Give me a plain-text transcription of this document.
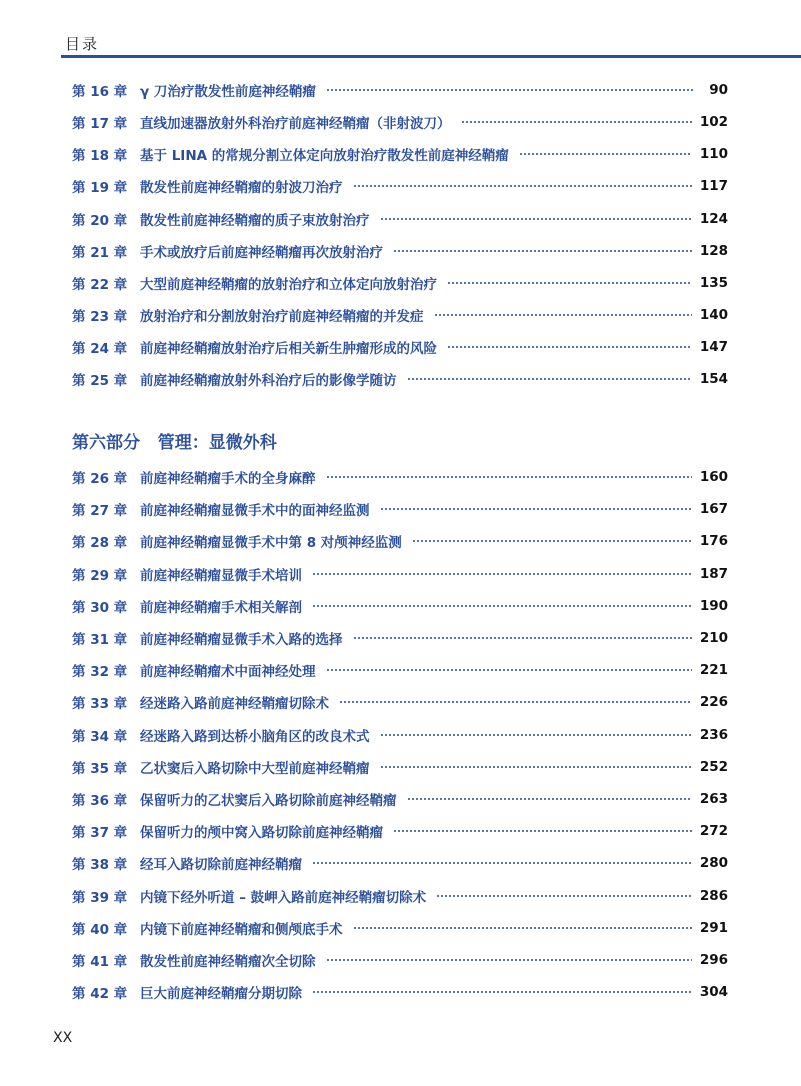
目录
第 16 章 γ 刀治疗散发性前庭神经鞘瘤	90
第 17 章 直线加速器放射外科治疗前庭神经鞘瘤（非射波刀）	102
第 18 章 基于 LINA 的常规分割立体定向放射治疗散发性前庭神经鞘瘤	110
第 19 章 散发性前庭神经鞘瘤的射波刀治疗	117
第 20 章 散发性前庭神经鞘瘤的质子束放射治疗	124
第 21 章 手术或放疗后前庭神经鞘瘤再次放射治疗	128
第 22 章 大型前庭神经鞘瘤的放射治疗和立体定向放射治疗	135
第 23 章 放射治疗和分割放射治疗前庭神经鞘瘤的并发症	140
第 24 章 前庭神经鞘瘤放射治疗后相关新生肿瘤形成的风险	147
第 25 章 前庭神经鞘瘤放射外科治疗后的影像学随访	154
第六部分   管理：显微外科
第 26 章 前庭神经鞘瘤手术的全身麻醉	160
第 27 章 前庭神经鞘瘤显微手术中的面神经监测	167
第 28 章 前庭神经鞘瘤显微手术中第 8 对颅神经监测	176
第 29 章 前庭神经鞘瘤显微手术培训	187
第 30 章 前庭神经鞘瘤手术相关解剖	190
第 31 章 前庭神经鞘瘤显微手术入路的选择	210
第 32 章 前庭神经鞘瘤术中面神经处理	221
第 33 章 经迷路入路前庭神经鞘瘤切除术	226
第 34 章 经迷路入路到达桥小脑角区的改良术式	236
第 35 章 乙状窦后入路切除中大型前庭神经鞘瘤	252
第 36 章 保留听力的乙状窦后入路切除前庭神经鞘瘤	263
第 37 章 保留听力的颅中窝入路切除前庭神经鞘瘤	272
第 38 章 经耳入路切除前庭神经鞘瘤	280
第 39 章 内镜下经外听道 – 鼓岬入路前庭神经鞘瘤切除术	286
第 40 章 内镜下前庭神经鞘瘤和侧颅底手术	291
第 41 章 散发性前庭神经鞘瘤次全切除	296
第 42 章 巨大前庭神经鞘瘤分期切除	304
XX
